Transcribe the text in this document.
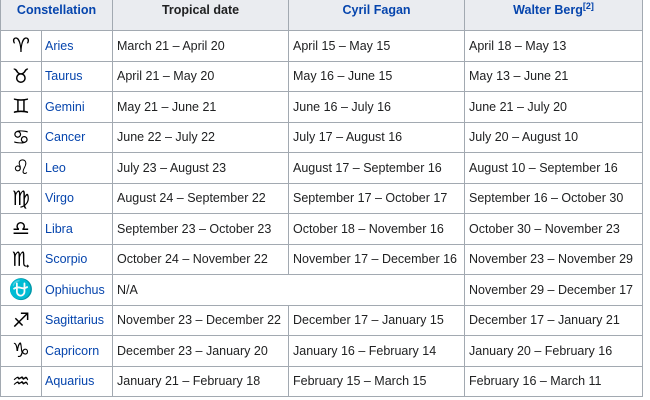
Constellation		Tropical date	Cyril Fagan	Walter Berg[2]
♈	Aries	March 21 – April 20	April 15 – May 15	April 18 – May 13
♉	Taurus	April 21 – May 20	May 16 – June 15	May 13 – June 21
♊	Gemini	May 21 – June 21	June 16 – July 16	June 21 – July 20
♋	Cancer	June 22 – July 22	July 17 – August 16	July 20 – August 10
♌	Leo	July 23 – August 23	August 17 – September 16	August 10 – September 16
♍	Virgo	August 24 – September 22	September 17 – October 17	September 16 – October 30
♎	Libra	September 23 – October 23	October 18 – November 16	October 30 – November 23
♏	Scorpio	October 24 – November 22	November 17 – December 16	November 23 – November 29
⛎	Ophiuchus	N/A		November 29 – December 17
♐	Sagittarius	November 23 – December 22	December 17 – January 15	December 17 – January 21
♑	Capricorn	December 23 – January 20	January 16 – February 14	January 20 – February 16
♒	Aquarius	January 21 – February 18	February 15 – March 15	February 16 – March 11
